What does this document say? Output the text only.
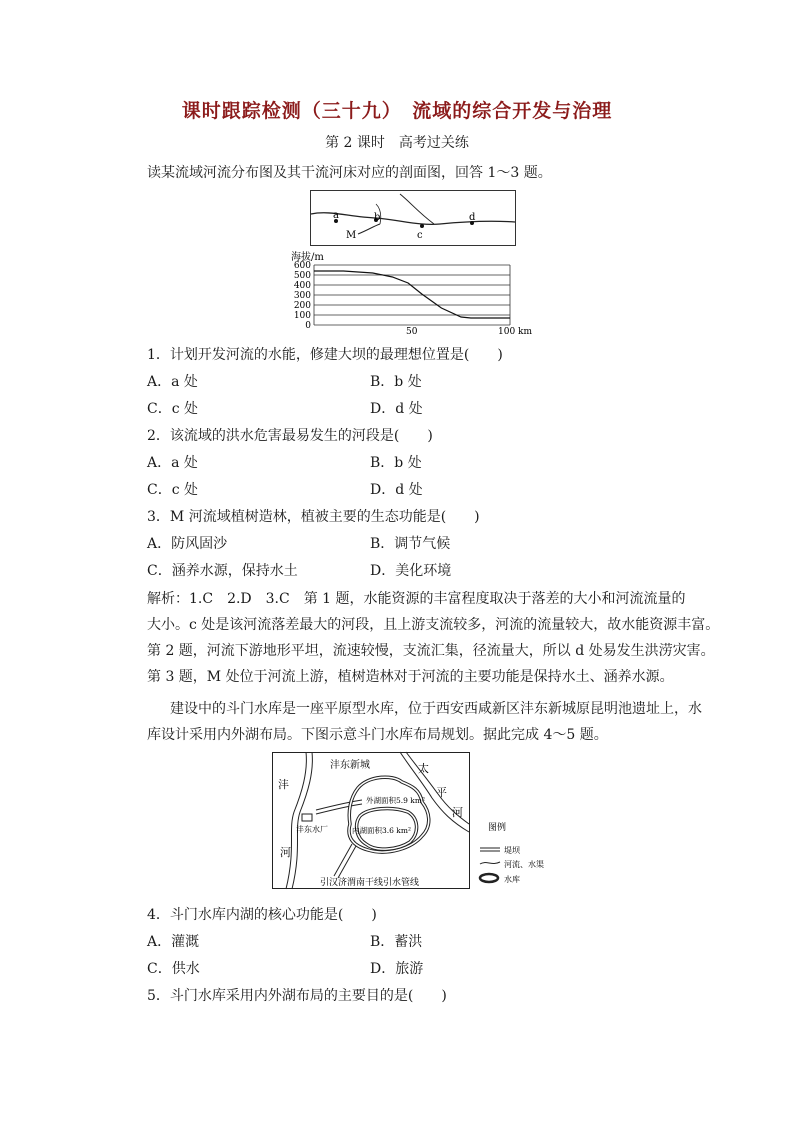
课时跟踪检测（三十九）　流域的综合开发与治理
第 2 课时　高考过关练
读某流域河流分布图及其干流河床对应的剖面图，回答 1～3 题。
a	b
c
d
M
海拔/m
600
500
400
300
200
100
0
50	100 km
1．计划开发河流的水能，修建大坝的最理想位置是(　　)
A．a 处	B．b 处
C．c 处	D．d 处
2．该流域的洪水危害最易发生的河段是(　　)
A．a 处	B．b 处
C．c 处	D．d 处
3．M 河流域植树造林，植被主要的生态功能是(　　)
A．防风固沙	B．调节气候
C．涵养水源，保持水土	D．美化环境
解析：1.C　2.D　3.C　第 1 题，水能资源的丰富程度取决于落差的大小和河流流量的
大小。c 处是该河流落差最大的河段，且上游支流较多，河流的流量较大，故水能资源丰富。
第 2 题，河流下游地形平坦，流速较慢，支流汇集，径流量大，所以 d 处易发生洪涝灾害。
第 3 题，M 处位于河流上游，植树造林对于河流的主要功能是保持水土、涵养水源。
建设中的斗门水库是一座平原型水库，位于西安西咸新区沣东新城原昆明池遗址上，水
库设计采用内外湖布局。下图示意斗门水库布局规划。据此完成 4～5 题。
沣东新城
沣
河
太
平
河
沣东水厂
外湖面积5.9 km²
内湖面积3.6 km²
引汉济渭南干线引水管线
图例
堤坝
河流、水渠
水库
4．斗门水库内湖的核心功能是(　　)
A．灌溉	B．蓄洪
C．供水	D．旅游
5．斗门水库采用内外湖布局的主要目的是(　　)
